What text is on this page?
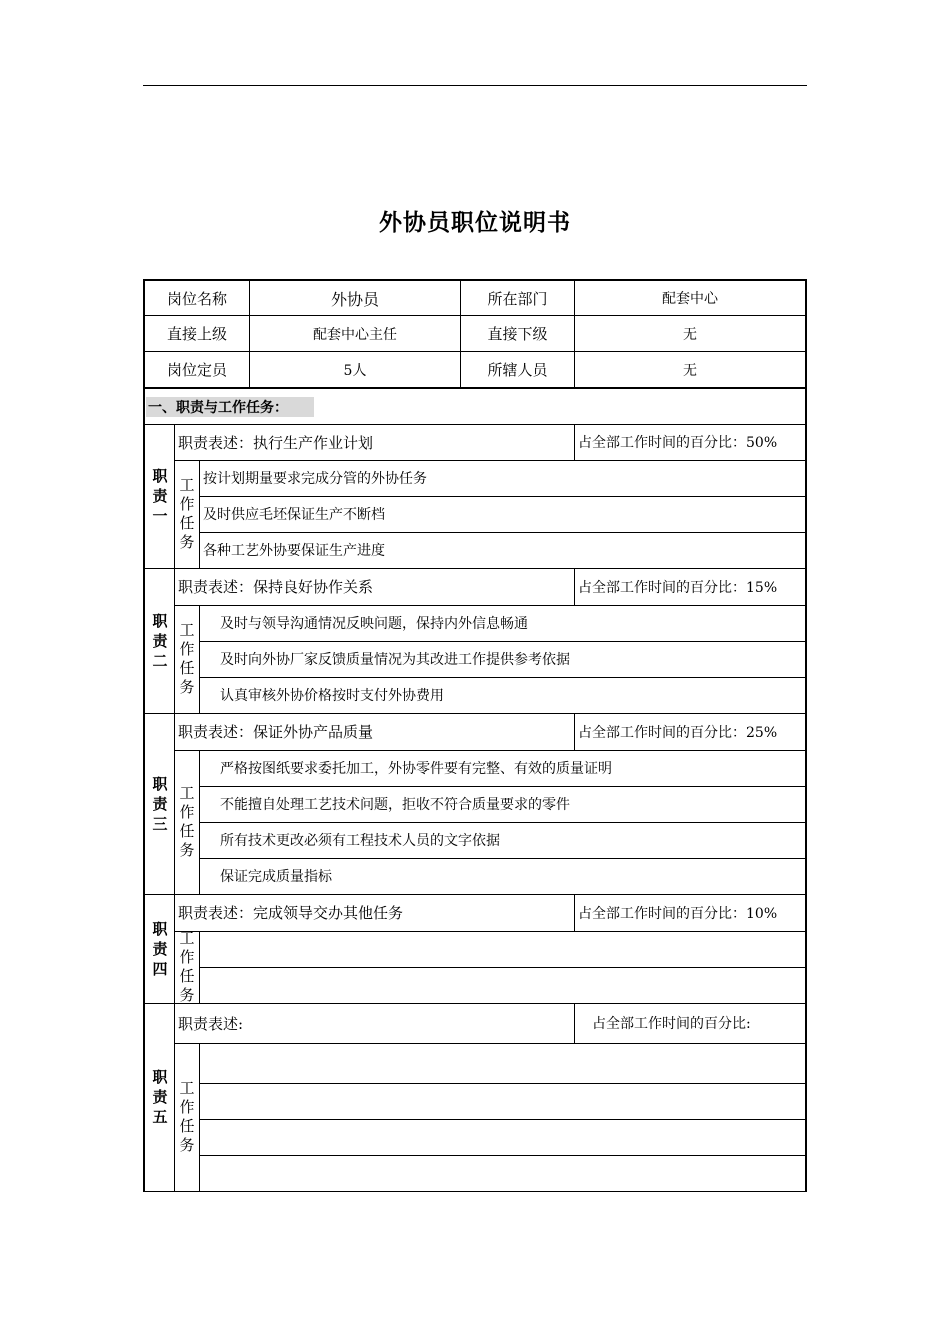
外协员职位说明书
岗位名称	外协员	所在部门	配套中心
直接上级	配套中心主任	直接下级	无
岗位定员	5人	所辖人员	无
一、职责与工作任务：
职
责
一
职责表述：执行生产作业计划	占全部工作时间的百分比：50%
工
作
任
务
按计划期量要求完成分管的外协任务
及时供应毛坯保证生产不断档
各种工艺外协要保证生产进度
职
责
二
职责表述：保持良好协作关系	占全部工作时间的百分比：15%
工
作
任
务
及时与领导沟通情况反映问题，保持内外信息畅通
及时向外协厂家反馈质量情况为其改进工作提供参考依据
认真审核外协价格按时支付外协费用
职
责
三
职责表述：保证外协产品质量	占全部工作时间的百分比：25%
工
作
任
务
严格按图纸要求委托加工，外协零件要有完整、有效的质量证明
不能擅自处理工艺技术问题，拒收不符合质量要求的零件
所有技术更改必须有工程技术人员的文字依据
保证完成质量指标
职
责
四
职责表述：完成领导交办其他任务	占全部工作时间的百分比：10%
工
作
任
务
职
责
五
职责表述:	占全部工作时间的百分比:
工
作
任
务
